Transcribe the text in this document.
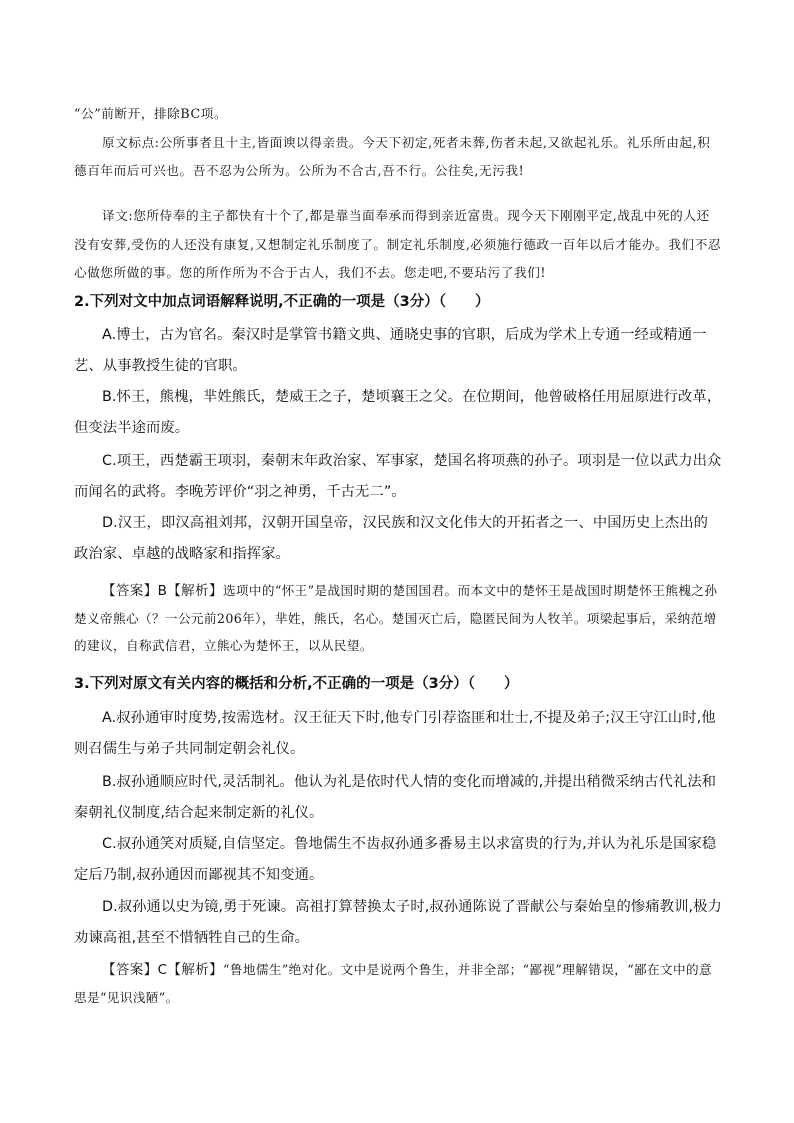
“公”前断开，排除BC项。

原文标点:公所事者且十主,皆面谀以得亲贵。今天下初定,死者未葬,伤者未起,又欲起礼乐。礼乐所由起,积德百年而后可兴也。吾不忍为公所为。公所为不合古,吾不行。公往矣,无污我!

译文:您所侍奉的主子都快有十个了,都是靠当面奉承而得到亲近富贵。现今天下刚刚平定,战乱中死的人还没有安葬,受伤的人还没有康复,又想制定礼乐制度了。制定礼乐制度,必须施行德政一百年以后才能办。我们不忍心做您所做的事。您的所作所为不合于古人，我们不去。您走吧,不要玷污了我们!

2.下列对文中加点词语解释说明,不正确的一项是（3分）（　　）

A.博士，古为官名。秦汉时是掌管书籍文典、通晓史事的官职，后成为学术上专通一经或精通一艺、从事教授生徒的官职。

B.怀王，熊槐，芈姓熊氏，楚威王之子，楚顷襄王之父。在位期间，他曾破格任用屈原进行改革，但变法半途而废。

C.项王，西楚霸王项羽，秦朝末年政治家、军事家，楚国名将项燕的孙子。项羽是一位以武力出众而闻名的武将。李晚芳评价“羽之神勇，千古无二”。

D.汉王，即汉高祖刘邦，汉朝开国皇帝，汉民族和汉文化伟大的开拓者之一、中国历史上杰出的政治家、卓越的战略家和指挥家。

【答案】B【解析】选项中的“怀王”是战国时期的楚国国君。而本文中的楚怀王是战国时期楚怀王熊槐之孙楚义帝熊心（？一公元前206年），芈姓，熊氏，名心。楚国灭亡后，隐匿民间为人牧羊。项梁起事后，采纳范增的建议，自称武信君，立熊心为楚怀王，以从民望。

3.下列对原文有关内容的概括和分析,不正确的一项是（3分）（　　）

A.叔孙通审时度势,按需选材。汉王征天下时,他专门引荐盗匪和壮士,不提及弟子;汉王守江山时,他则召儒生与弟子共同制定朝会礼仪。

B.叔孙通顺应时代,灵活制礼。他认为礼是依时代人情的变化而增减的,并提出稍微采纳古代礼法和秦朝礼仪制度,结合起来制定新的礼仪。

C.叔孙通笑对质疑,自信坚定。鲁地儒生不齿叔孙通多番易主以求富贵的行为,并认为礼乐是国家稳定后乃制,叔孙通因而鄙视其不知变通。

D.叔孙通以史为镜,勇于死谏。高祖打算替换太子时,叔孙通陈说了晋献公与秦始皇的惨痛教训,极力劝谏高祖,甚至不惜牺牲自己的生命。

【答案】C【解析】“鲁地儒生”绝对化。文中是说两个鲁生，并非全部；“鄙视”理解错误，“鄙在文中的意思是“见识浅陋”。
